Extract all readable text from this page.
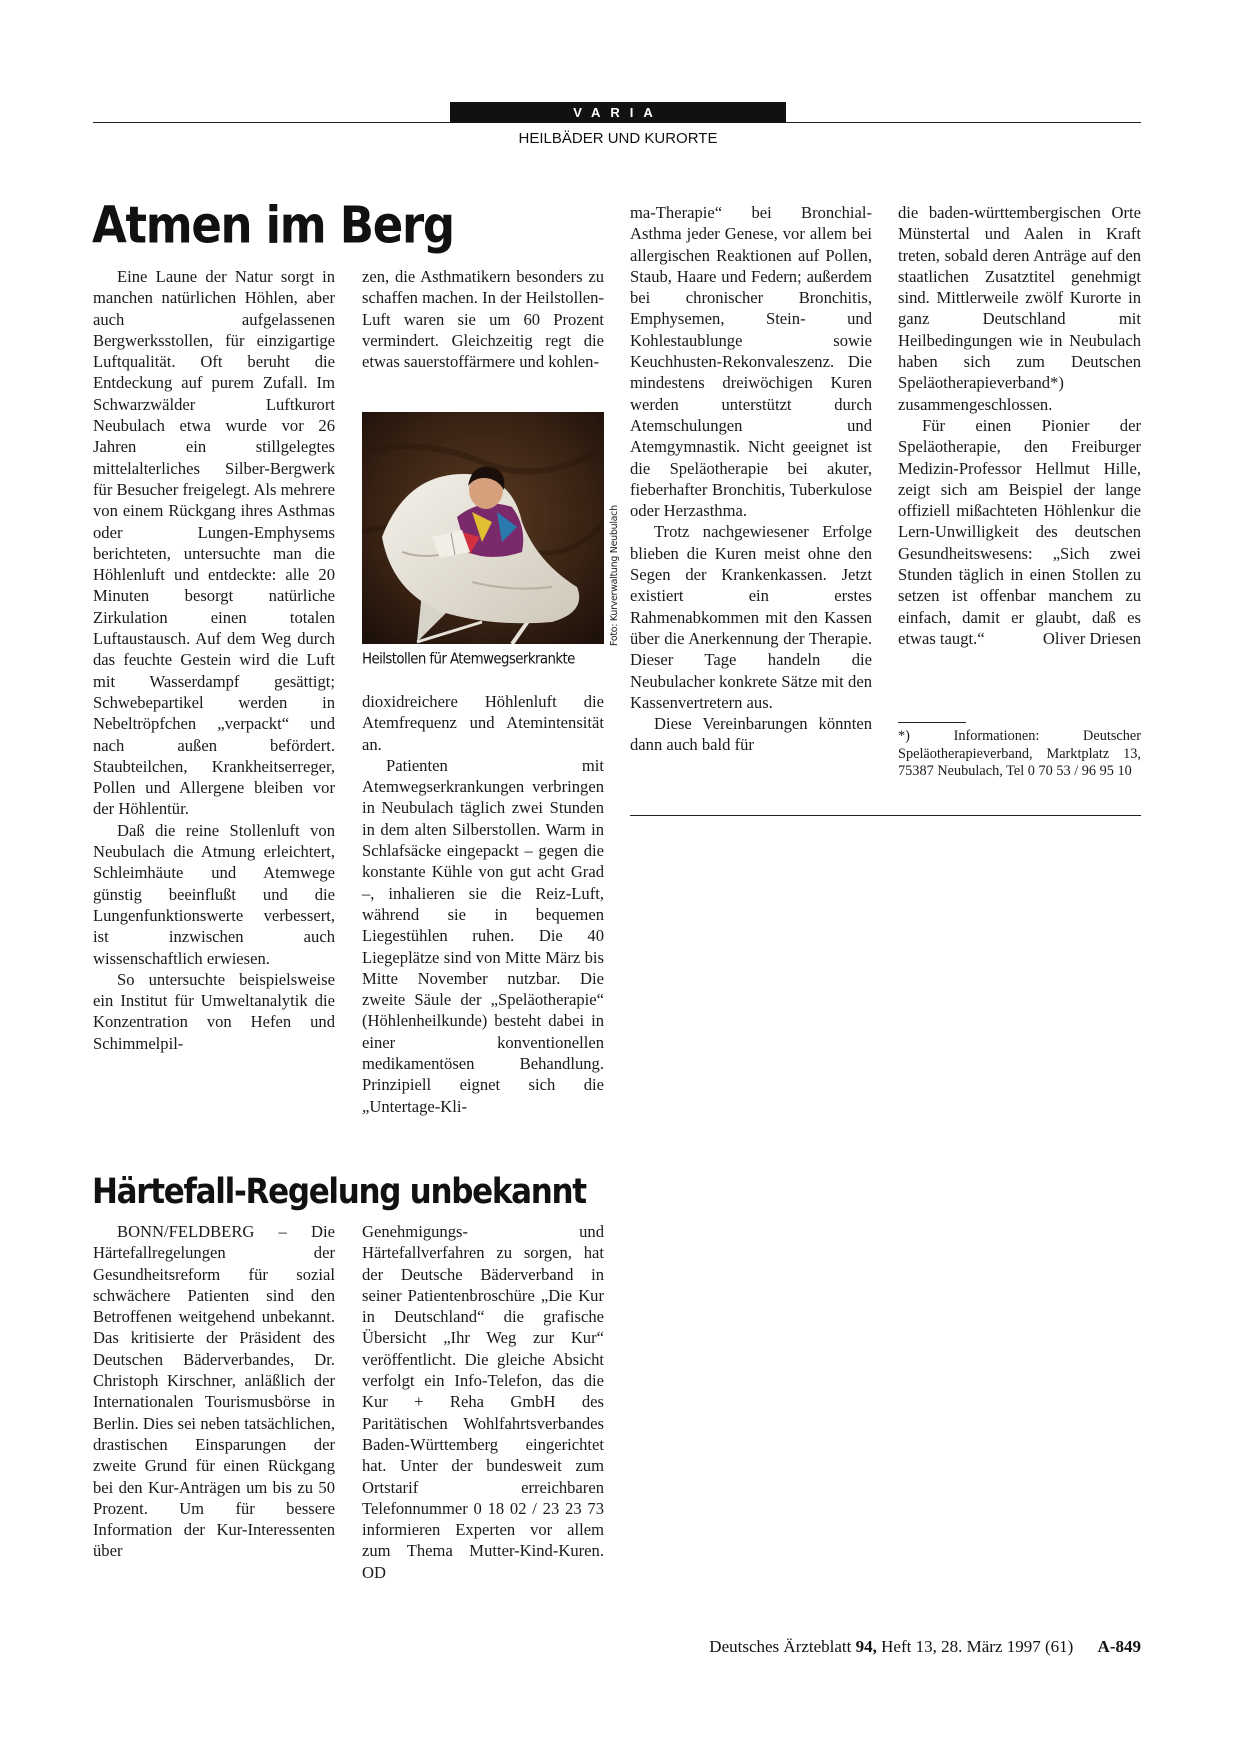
VARIA
HEILBÄDER UND KURORTE
Atmen im Berg

Eine Laune der Natur sorgt in manchen natürlichen Höhlen, aber auch aufgelassenen Bergwerksstollen, für einzigartige Luftqualität. Oft beruht die Entdeckung auf purem Zufall. Im Schwarzwälder Luftkurort Neubulach etwa wurde vor 26 Jahren ein stillgelegtes mittelalterliches Silber-Bergwerk für Besucher freigelegt. Als mehrere von einem Rückgang ihres Asthmas oder Lungen-Emphysems berichteten, untersuchte man die Höhlenluft und entdeckte: alle 20 Minuten besorgt natürliche Zirkulation einen totalen Luftaustausch. Auf dem Weg durch das feuchte Gestein wird die Luft mit Wasserdampf gesättigt; Schwebepartikel werden in Nebeltröpfchen „verpackt“ und nach außen befördert. Staubteilchen, Krankheitserreger, Pollen und Allergene bleiben vor der Höhlentür.

Daß die reine Stollenluft von Neubulach die Atmung erleichtert, Schleimhäute und Atemwege günstig beeinflußt und die Lungenfunktionswerte verbessert, ist inzwischen auch wissenschaftlich erwiesen.

So untersuchte beispielsweise ein Institut für Umweltanalytik die Konzentration von Hefen und Schimmelpil-

zen, die Asthmatikern besonders zu schaffen machen. In der Heilstollen-Luft waren sie um 60 Prozent vermindert. Gleichzeitig regt die etwas sauerstoffärmere und kohlen-

Heilstollen für Atemwegserkrankte
Foto: Kurverwaltung Neubulach

dioxidreichere Höhlenluft die Atemfrequenz und Atemintensität an.

Patienten mit Atemwegserkrankungen verbringen in Neubulach täglich zwei Stunden in dem alten Silberstollen. Warm in Schlafsäcke eingepackt – gegen die konstante Kühle von gut acht Grad –, inhalieren sie die Reiz-Luft, während sie in bequemen Liegestühlen ruhen. Die 40 Liegeplätze sind von Mitte März bis Mitte November nutzbar. Die zweite Säule der „Speläotherapie“ (Höhlenheilkunde) besteht dabei in einer konventionellen medikamentösen Behandlung. Prinzipiell eignet sich die „Untertage-Kli-

ma-Therapie“ bei Bronchial-Asthma jeder Genese, vor allem bei allergischen Reaktionen auf Pollen, Staub, Haare und Federn; außerdem bei chronischer Bronchitis, Emphysemen, Stein- und Kohlestaublunge sowie Keuchhusten-Rekonvaleszenz. Die mindestens dreiwöchigen Kuren werden unterstützt durch Atemschulungen und Atemgymnastik. Nicht geeignet ist die Speläotherapie bei akuter, fieberhafter Bronchitis, Tuberkulose oder Herzasthma.

Trotz nachgewiesener Erfolge blieben die Kuren meist ohne den Segen der Krankenkassen. Jetzt existiert ein erstes Rahmenabkommen mit den Kassen über die Anerkennung der Therapie. Dieser Tage handeln die Neubulacher konkrete Sätze mit den Kassenvertretern aus.

Diese Vereinbarungen könnten dann auch bald für

die baden-württembergischen Orte Münstertal und Aalen in Kraft treten, sobald deren Anträge auf den staatlichen Zusatztitel genehmigt sind. Mittlerweile zwölf Kurorte in ganz Deutschland mit Heilbedingungen wie in Neubulach haben sich zum Deutschen Speläotherapieverband*) zusammengeschlossen.

Für einen Pionier der Speläotherapie, den Freiburger Medizin-Professor Hellmut Hille, zeigt sich am Beispiel der lange offiziell mißachteten Höhlenkur die Lern-Unwilligkeit des deutschen Gesundheitswesens: „Sich zwei Stunden täglich in einen Stollen zu setzen ist offenbar manchem zu einfach, damit er glaubt, daß es etwas taugt.“	Oliver Driesen

*) Informationen: Deutscher Speläotherapieverband, Marktplatz 13, 75387 Neubulach, Tel 0 70 53 / 96 95 10
Härtefall-Regelung unbekannt

BONN/FELDBERG – Die Härtefallregelungen der Gesundheitsreform für sozial schwächere Patienten sind den Betroffenen weitgehend unbekannt. Das kritisierte der Präsident des Deutschen Bäderverbandes, Dr. Christoph Kirschner, anläßlich der Internationalen Tourismusbörse in Berlin. Dies sei neben tatsächlichen, drastischen Einsparungen der zweite Grund für einen Rückgang bei den Kur-Anträgen um bis zu 50 Prozent. Um für bessere Information der Kur-Interessenten über

Genehmigungs- und Härtefallverfahren zu sorgen, hat der Deutsche Bäderverband in seiner Patientenbroschüre „Die Kur in Deutschland“ die grafische Übersicht „Ihr Weg zur Kur“ veröffentlicht. Die gleiche Absicht verfolgt ein Info-Telefon, das die Kur + Reha GmbH des Paritätischen Wohlfahrtsverbandes Baden-Württemberg eingerichtet hat. Unter der bundesweit zum Ortstarif erreichbaren Telefonnummer 0 18 02 / 23 23 73 informieren Experten vor allem zum Thema Mutter-Kind-Kuren. OD

Deutsches Ärzteblatt 94, Heft 13, 28. März 1997 (61) A-849
